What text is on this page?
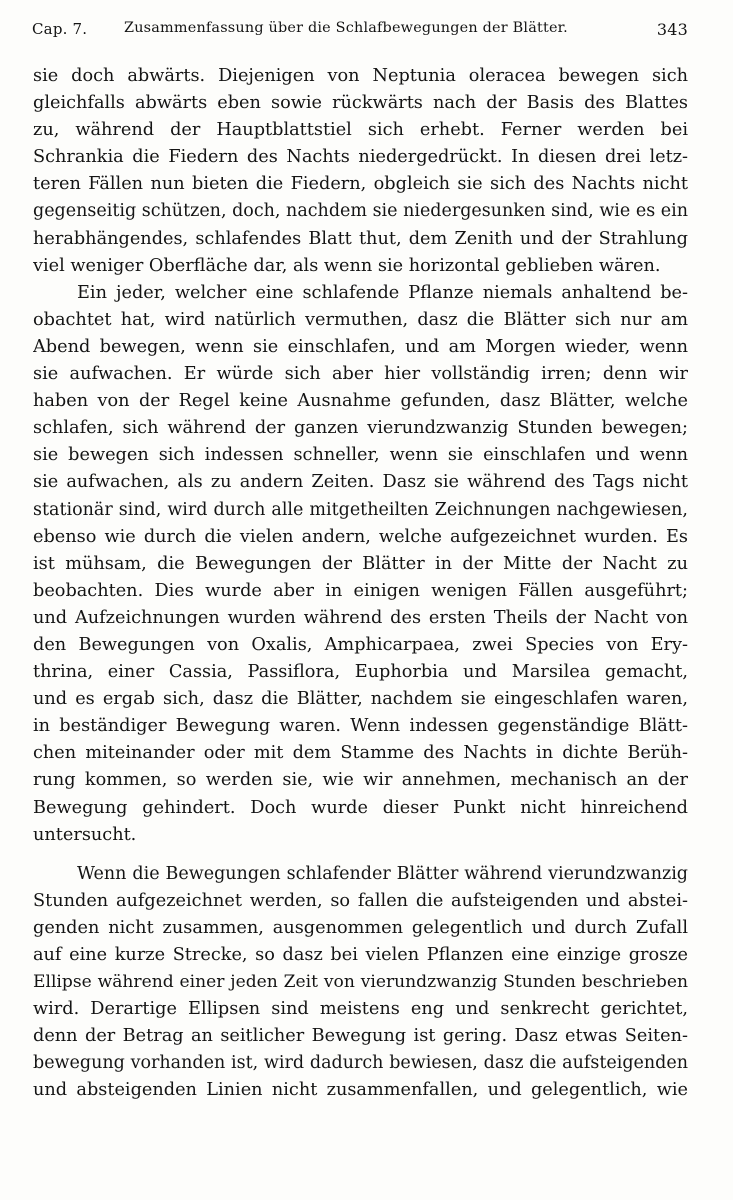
Cap. 7.	Zusammenfassung über die Schlafbewegungen der Blätter.	343
sie doch abwärts. Diejenigen von Neptunia oleracea bewegen sich
gleichfalls abwärts eben sowie rückwärts nach der Basis des Blattes
zu, während der Hauptblattstiel sich erhebt. Ferner werden bei
Schrankia die Fiedern des Nachts niedergedrückt. In diesen drei letz-
teren Fällen nun bieten die Fiedern, obgleich sie sich des Nachts nicht
gegenseitig schützen, doch, nachdem sie niedergesunken sind, wie es ein
herabhängendes, schlafendes Blatt thut, dem Zenith und der Strahlung
viel weniger Oberfläche dar, als wenn sie horizontal geblieben wären.
Ein jeder, welcher eine schlafende Pflanze niemals anhaltend be-
obachtet hat, wird natürlich vermuthen, dasz die Blätter sich nur am
Abend bewegen, wenn sie einschlafen, und am Morgen wieder, wenn
sie aufwachen. Er würde sich aber hier vollständig irren; denn wir
haben von der Regel keine Ausnahme gefunden, dasz Blätter, welche
schlafen, sich während der ganzen vierundzwanzig Stunden bewegen;
sie bewegen sich indessen schneller, wenn sie einschlafen und wenn
sie aufwachen, als zu andern Zeiten. Dasz sie während des Tags nicht
stationär sind, wird durch alle mitgetheilten Zeichnungen nachgewiesen,
ebenso wie durch die vielen andern, welche aufgezeichnet wurden. Es
ist mühsam, die Bewegungen der Blätter in der Mitte der Nacht zu
beobachten. Dies wurde aber in einigen wenigen Fällen ausgeführt;
und Aufzeichnungen wurden während des ersten Theils der Nacht von
den Bewegungen von Oxalis, Amphicarpaea, zwei Species von Ery-
thrina, einer Cassia, Passiflora, Euphorbia und Marsilea gemacht,
und es ergab sich, dasz die Blätter, nachdem sie eingeschlafen waren,
in beständiger Bewegung waren. Wenn indessen gegenständige Blätt-
chen miteinander oder mit dem Stamme des Nachts in dichte Berüh-
rung kommen, so werden sie, wie wir annehmen, mechanisch an der
Bewegung gehindert. Doch wurde dieser Punkt nicht hinreichend
untersucht.
Wenn die Bewegungen schlafender Blätter während vierundzwanzig
Stunden aufgezeichnet werden, so fallen die aufsteigenden und abstei-
genden nicht zusammen, ausgenommen gelegentlich und durch Zufall
auf eine kurze Strecke, so dasz bei vielen Pflanzen eine einzige grosze
Ellipse während einer jeden Zeit von vierundzwanzig Stunden beschrieben
wird. Derartige Ellipsen sind meistens eng und senkrecht gerichtet,
denn der Betrag an seitlicher Bewegung ist gering. Dasz etwas Seiten-
bewegung vorhanden ist, wird dadurch bewiesen, dasz die aufsteigenden
und absteigenden Linien nicht zusammenfallen, und gelegentlich, wie
